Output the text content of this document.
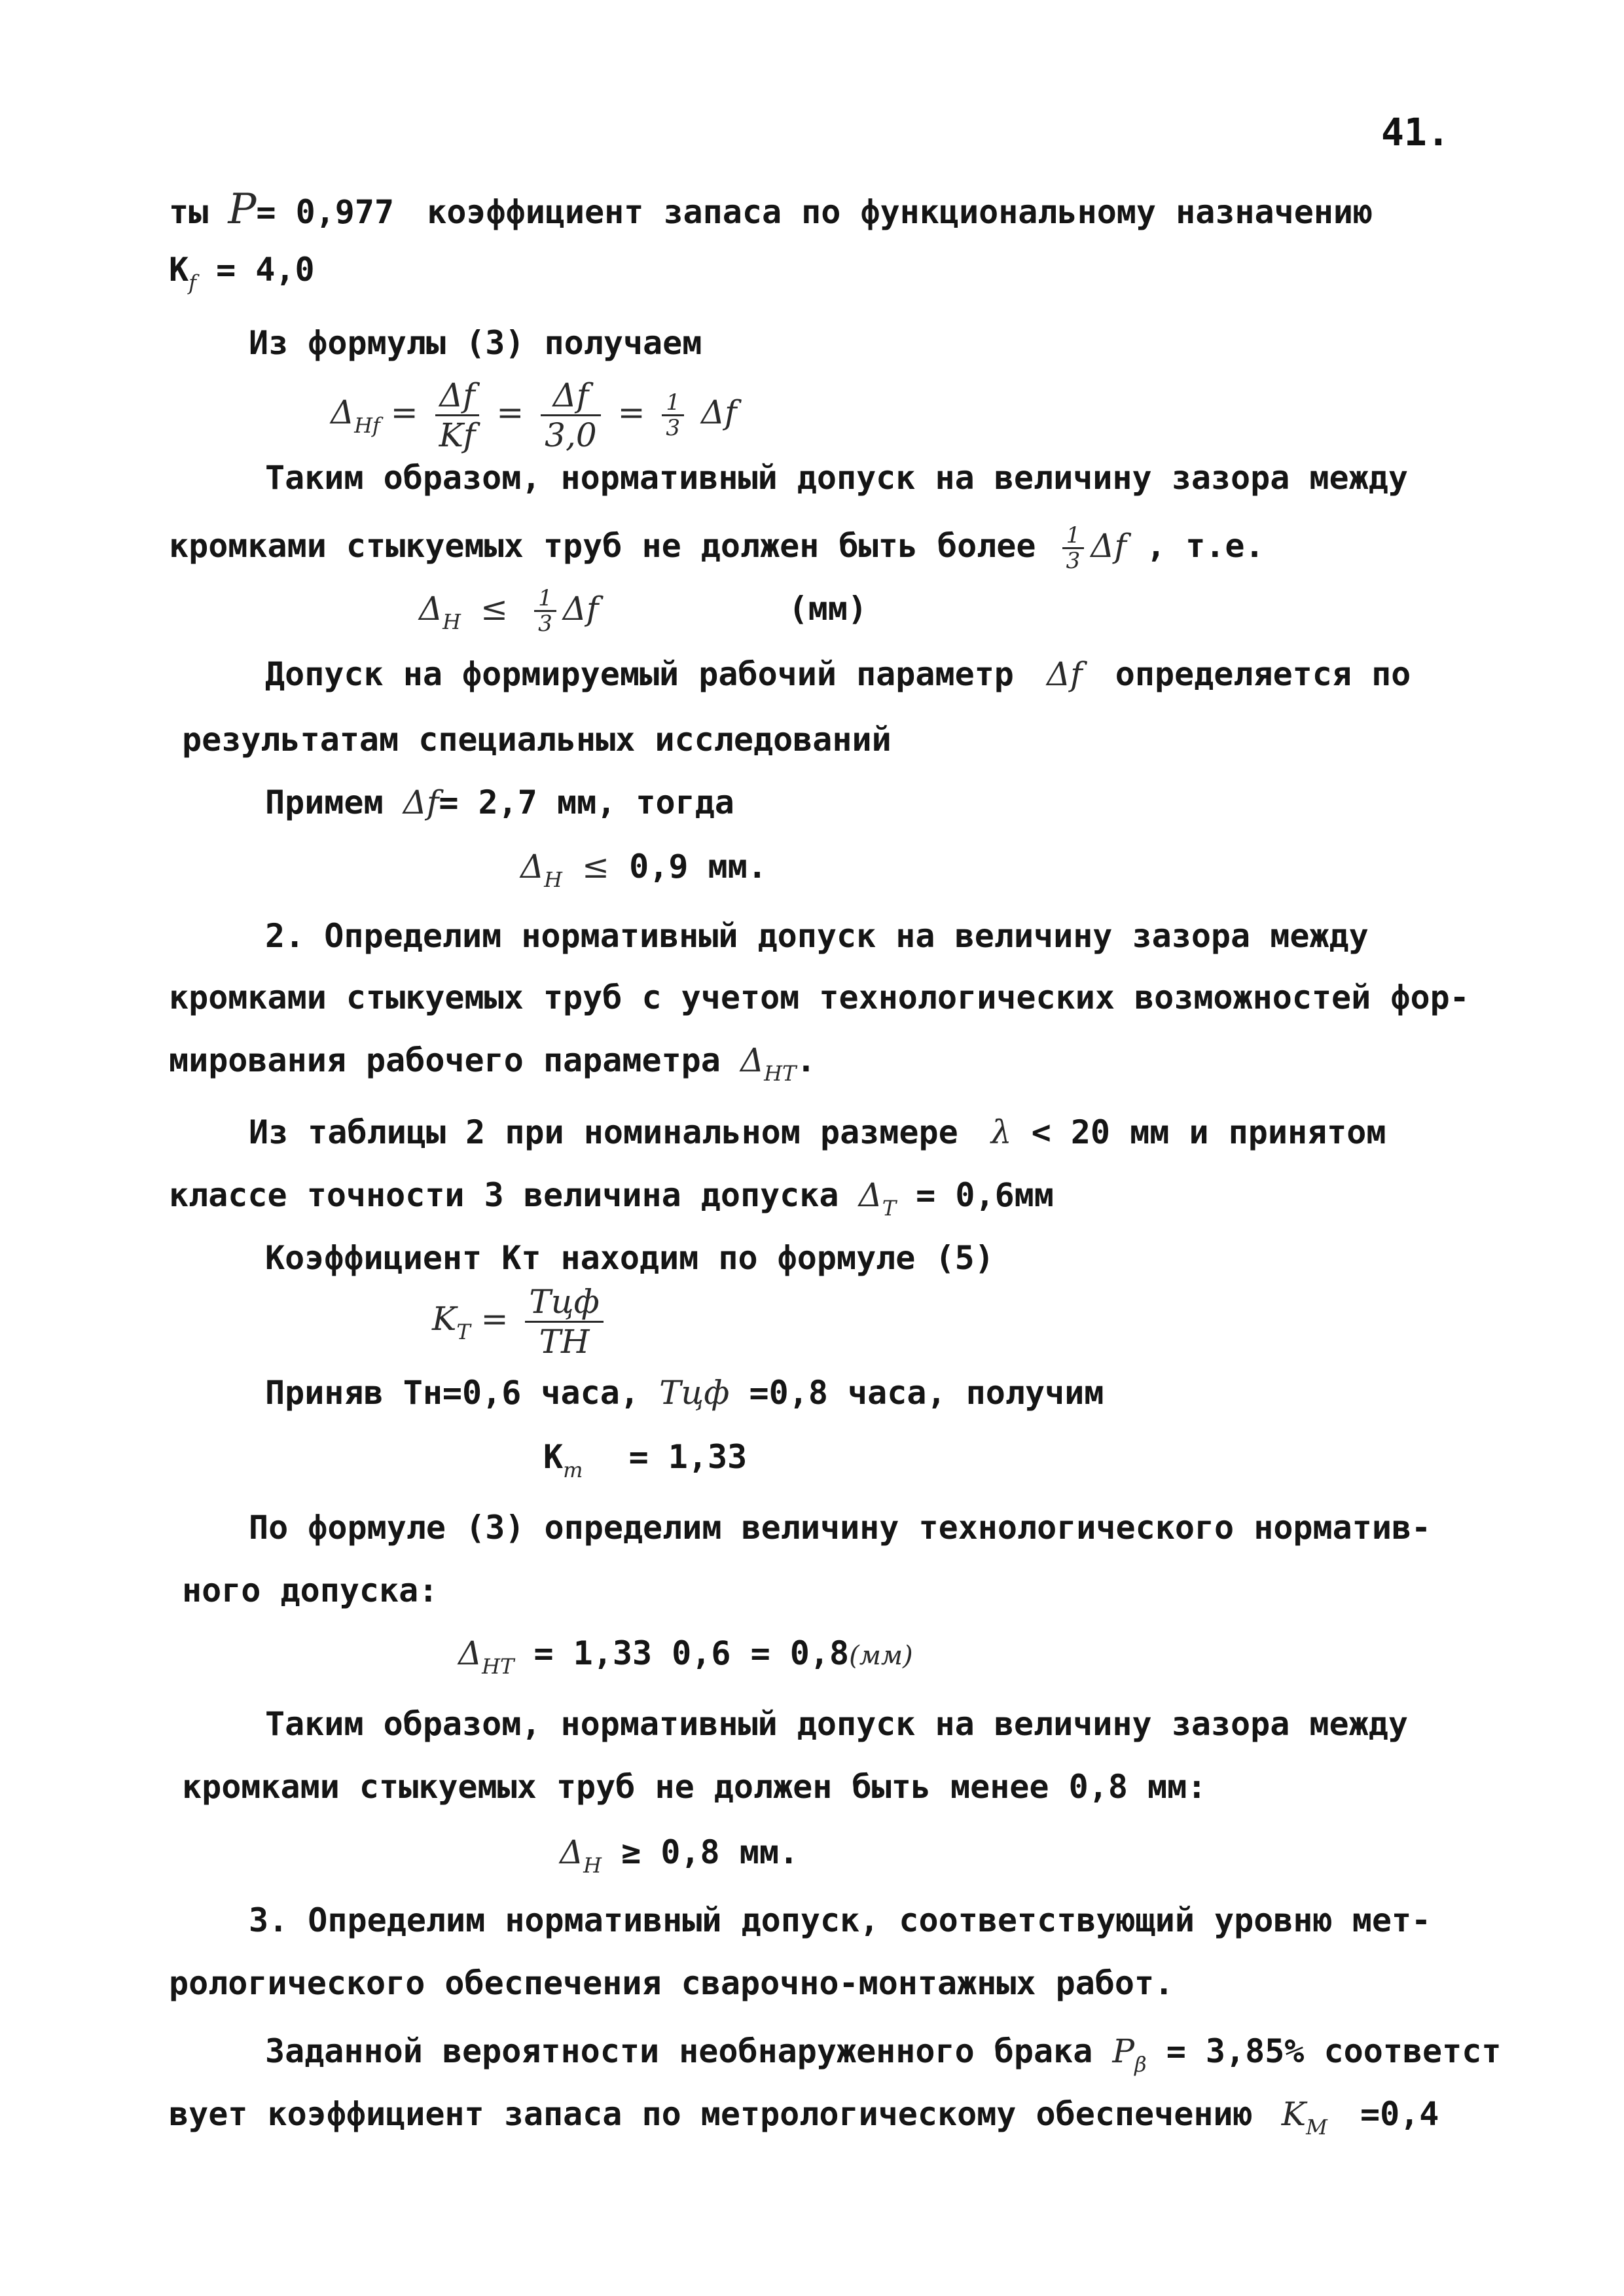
41.
ты P= 0,977 коэффициент запаса по функциональному назначению
$К_f = 4,0$
Из формулы (3) получаем
$\Delta_{Hf} = \frac{\Delta f}{Kf} = \frac{\Delta f}{3,0} = \frac{1}{3}$ Δf
Таким образом, нормативный допуск на величину зазора между
кромками стыкуемых труб не должен быть более $\frac{1}{3}$ Δf , т.е.
$\Delta_H \le \frac{1}{3}$ Δf	(мм)
Допуск на формируемый рабочий параметр Δf определяется по
результатам специальных исследований
Примем Δf= 2,7 мм, тогда
$\Delta_H \le 0,9$ мм.
2. Определим нормативный допуск на величину зазора между
кромками стыкуемых труб с учетом технологических возможностей фор-
мирования рабочего параметра $\Delta_{HT}$.
Из таблицы 2 при номинальном размере λ < 20 мм и принятом
классе точности 3 величина допуска $\Delta_T = 0,6мм$
Коэффициент Кт находим по формуле (5)
$K_T = \frac{\text{Tцф}}{TН}$
Приняв Тн=0,6 часа, Тцф =0,8 часа, получим
$К_т = 1,33$
По формуле (3) определим величину технологического норматив-
ного допуска:
$\Delta_{HT} = 1,33$ 0,6 = 0,8(мм)
Таким образом, нормативный допуск на величину зазора между
кромками стыкуемых труб не должен быть менее 0,8 мм:
$\Delta_H \ge 0,8$ мм.
3. Определим нормативный допуск, соответствующий уровню мет-
рологического обеспечения сварочно-монтажных работ.
Заданной вероятности необнаруженного брака $P_\beta = 3,85\%$ соответст
вует коэффициент запаса по метрологическому обеспечению $K_M =0,4$
